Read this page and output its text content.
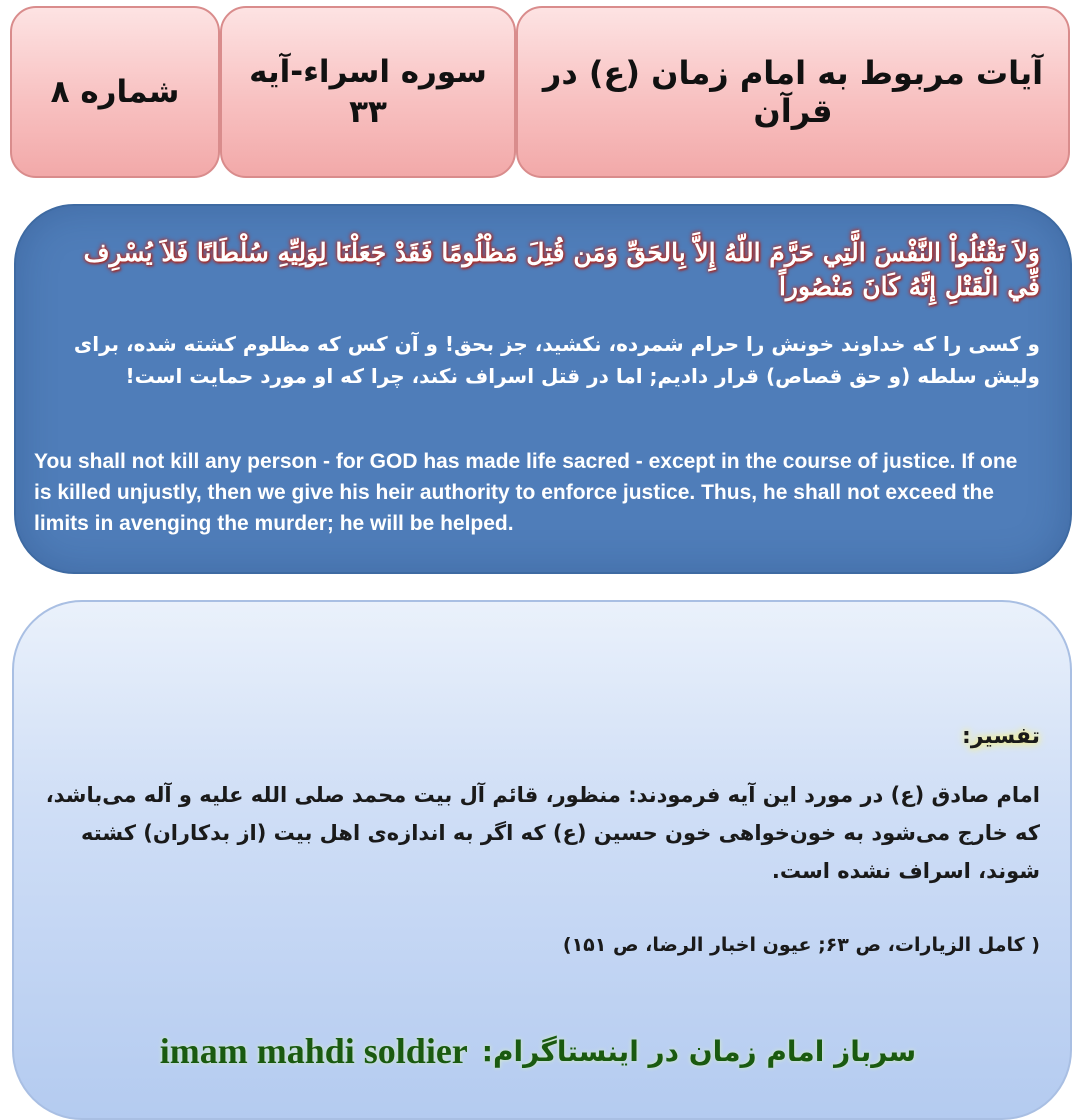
شماره ۸
سوره اسراء-آیه
۳۳
آیات مربوط به امام زمان (ع) در قرآن
وَلاَ تَقْتُلُواْ النَّفْسَ الَّتِي حَرَّمَ اللّهُ إِلاَّ بِالحَقِّ وَمَن قُتِلَ مَظْلُومًا فَقَدْ جَعَلْنَا لِوَلِيِّهِ سُلْطَانًا فَلاَ يُسْرِف فِّي الْقَتْلِ إِنَّهُ كَانَ مَنْصُوراً
و کسی را که خداوند خونش را حرام شمرده، نکشید، جز بحق! و آن کس که مظلوم کشته شده، برای ولیش سلطه (و حق قصاص) قرار دادیم; اما در قتل اسراف نکند، چرا که او مورد حمایت است!
You shall not kill any person - for GOD has made life sacred - except in the course of justice. If one is killed unjustly, then we give his heir authority to enforce justice. Thus, he shall not exceed the limits in avenging the murder; he will be helped.
تفسیر:
امام صادق (ع) در مورد این آیه فرمودند: منظور، قائم آل بیت محمد صلی الله علیه و آله می‌باشد، که خارج می‌شود به خون‌خواهی خون حسین (ع) که اگر به اندازه‌ی اهل بیت (از بدکاران) کشته شوند، اسراف نشده است.
( کامل الزیارات، ص ۶۳; عیون اخبار الرضا، ص ۱۵۱)
imam mahdi soldier سرباز امام زمان در اینستاگرام:
